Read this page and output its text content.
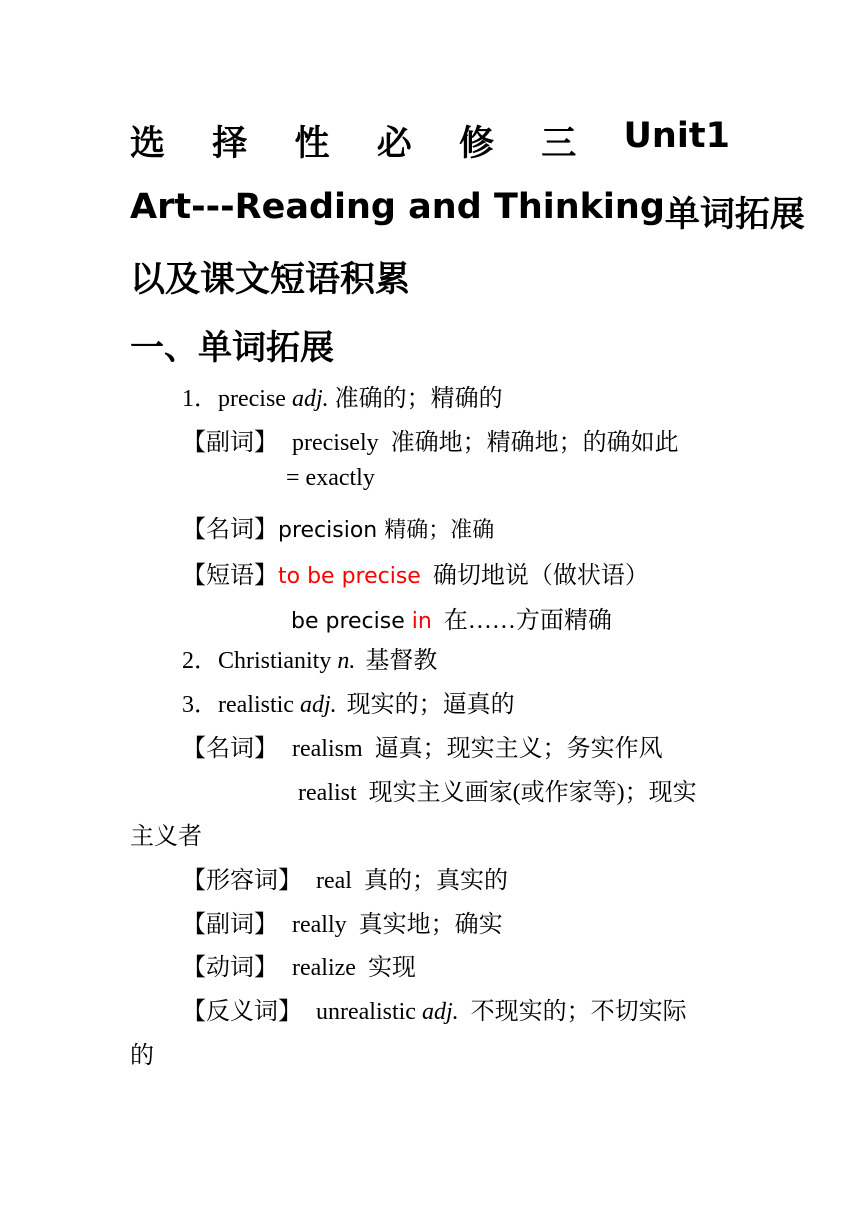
选 择 性 必 修 三 Unit1
Art---Reading and Thinking 单词拓展
以及课文短语积累
一、单词拓展
1．precise adj. 准确的；精确的
【副词】 precisely 准确地；精确地；的确如此
= exactly
【名词】precision 精确；准确
【短语】to be precise 确切地说（做状语）
be precise in 在……方面精确
2．Christianity n. 基督教
3．realistic adj. 现实的；逼真的
【名词】 realism 逼真；现实主义；务实作风
realist 现实主义画家(或作家等)；现实
主义者
【形容词】 real 真的；真实的
【副词】 really 真实地；确实
【动词】 realize 实现
【反义词】 unrealistic adj. 不现实的；不切实际
的
